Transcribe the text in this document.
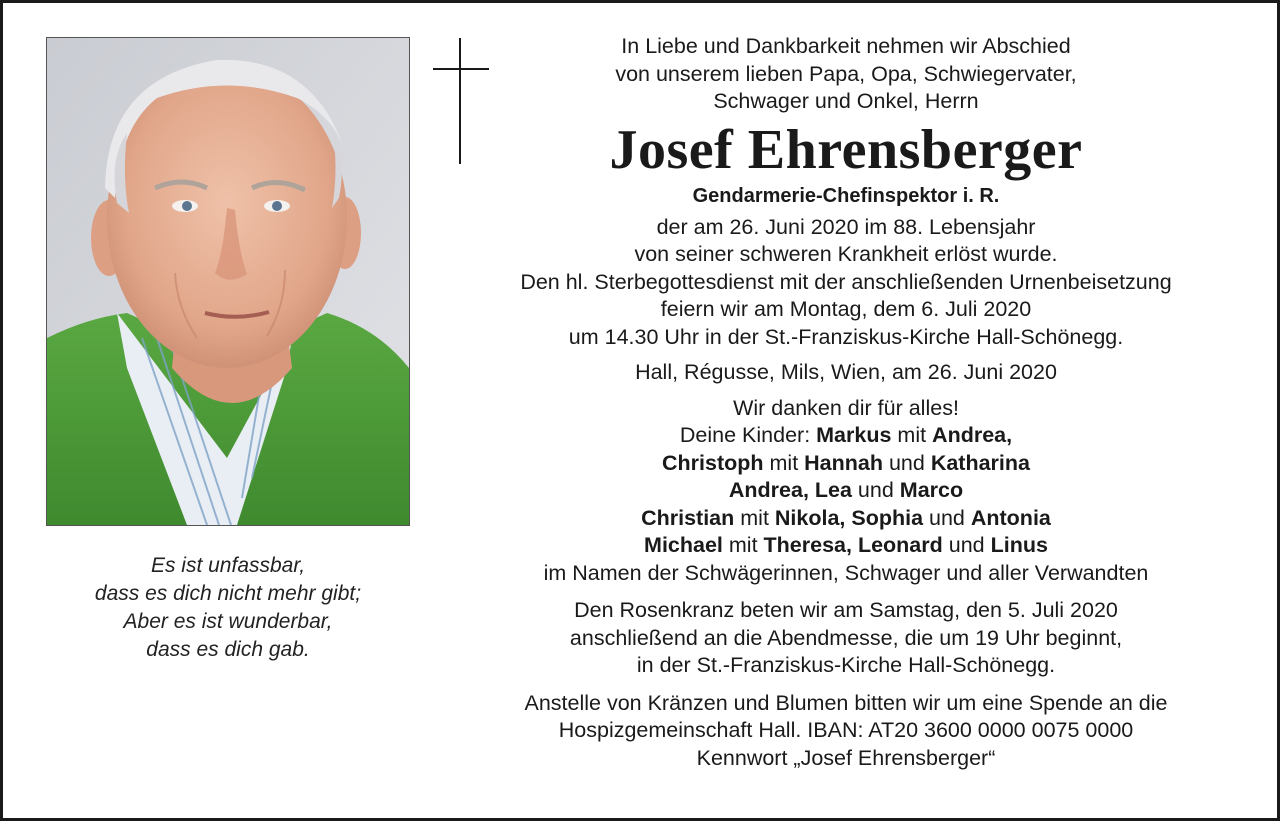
Es ist unfassbar,
dass es dich nicht mehr gibt;
Aber es ist wunderbar,
dass es dich gab.
In Liebe und Dankbarkeit nehmen wir Abschied
von unserem lieben Papa, Opa, Schwiegervater,
Schwager und Onkel, Herrn
Josef Ehrensberger
Gendarmerie-Chefinspektor i. R.
der am 26. Juni 2020 im 88. Lebensjahr
von seiner schweren Krankheit erlöst wurde.
Den hl. Sterbegottesdienst mit der anschließenden Urnenbeisetzung
feiern wir am Montag, dem 6. Juli 2020
um 14.30 Uhr in der St.-Franziskus-Kirche Hall-Schönegg.
Hall, Régusse, Mils, Wien, am 26. Juni 2020
Wir danken dir für alles!
Deine Kinder: Markus mit Andrea,
Christoph mit Hannah und Katharina
Andrea, Lea und Marco
Christian mit Nikola, Sophia und Antonia
Michael mit Theresa, Leonard und Linus
im Namen der Schwägerinnen, Schwager und aller Verwandten
Den Rosenkranz beten wir am Samstag, den 5. Juli 2020
anschließend an die Abendmesse, die um 19 Uhr beginnt,
in der St.-Franziskus-Kirche Hall-Schönegg.
Anstelle von Kränzen und Blumen bitten wir um eine Spende an die
Hospizgemeinschaft Hall. IBAN: AT20 3600 0000 0075 0000
Kennwort „Josef Ehrensberger“
